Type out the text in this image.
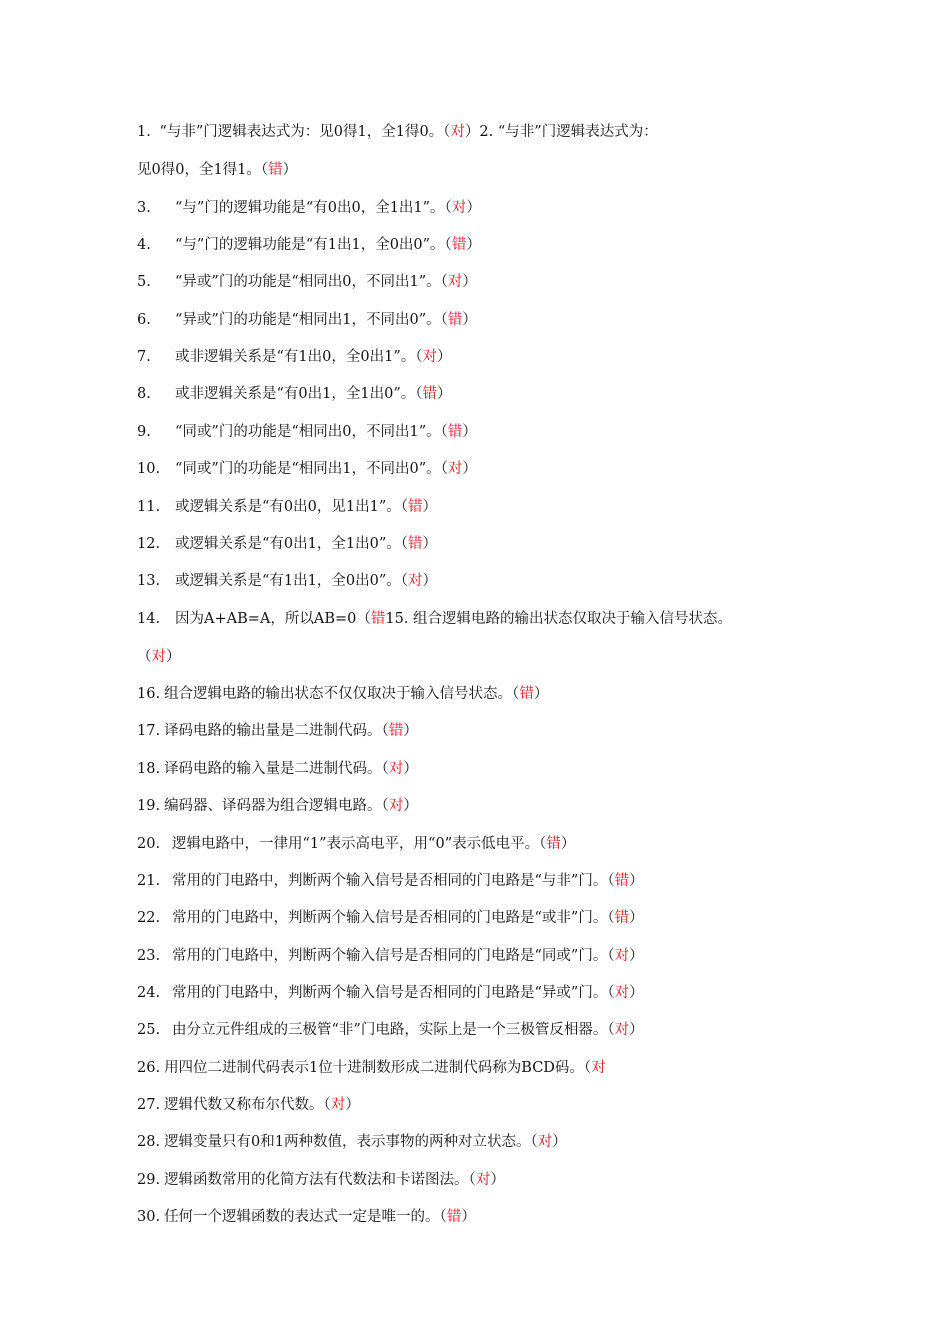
1. “与非”门逻辑表达式为：见0得1，全1得0。（对）2. “与非”门逻辑表达式为：
见0得0，全1得1。（错）
3. “与”门的逻辑功能是“有0出0，全1出1”。（对）
4. “与”门的逻辑功能是“有1出1，全0出0”。（错）
5. “异或”门的功能是“相同出0，不同出1”。（对）
6. “异或”门的功能是“相同出1，不同出0”。（错）
7. 或非逻辑关系是“有1出0，全0出1”。（对）
8. 或非逻辑关系是“有0出1，全1出0”。（错）
9. “同或”门的功能是“相同出0，不同出1”。（错）
10. “同或”门的功能是“相同出1，不同出0”。（对）
11. 或逻辑关系是“有0出0，见1出1”。（错）
12. 或逻辑关系是“有0出1，全1出0”。（错）
13. 或逻辑关系是“有1出1，全0出0”。（对）
14. 因为A+AB=A，所以AB=0（错15. 组合逻辑电路的输出状态仅取决于输入信号状态。
（对）
16. 组合逻辑电路的输出状态不仅仅取决于输入信号状态。（错）
17. 译码电路的输出量是二进制代码。（错）
18. 译码电路的输入量是二进制代码。（对）
19. 编码器、译码器为组合逻辑电路。（对）
20. 逻辑电路中，一律用“1”表示高电平，用“0”表示低电平。（错）
21. 常用的门电路中，判断两个输入信号是否相同的门电路是“与非”门。（错）
22. 常用的门电路中，判断两个输入信号是否相同的门电路是“或非”门。（错）
23. 常用的门电路中，判断两个输入信号是否相同的门电路是“同或”门。（对）
24. 常用的门电路中，判断两个输入信号是否相同的门电路是“异或”门。（对）
25. 由分立元件组成的三极管“非”门电路，实际上是一个三极管反相器。（对）
26. 用四位二进制代码表示1位十进制数形成二进制代码称为BCD码。（对
27. 逻辑代数又称布尔代数。（对）
28. 逻辑变量只有0和1两种数值，表示事物的两种对立状态。（对）
29. 逻辑函数常用的化简方法有代数法和卡诺图法。（对）
30. 任何一个逻辑函数的表达式一定是唯一的。（错）
